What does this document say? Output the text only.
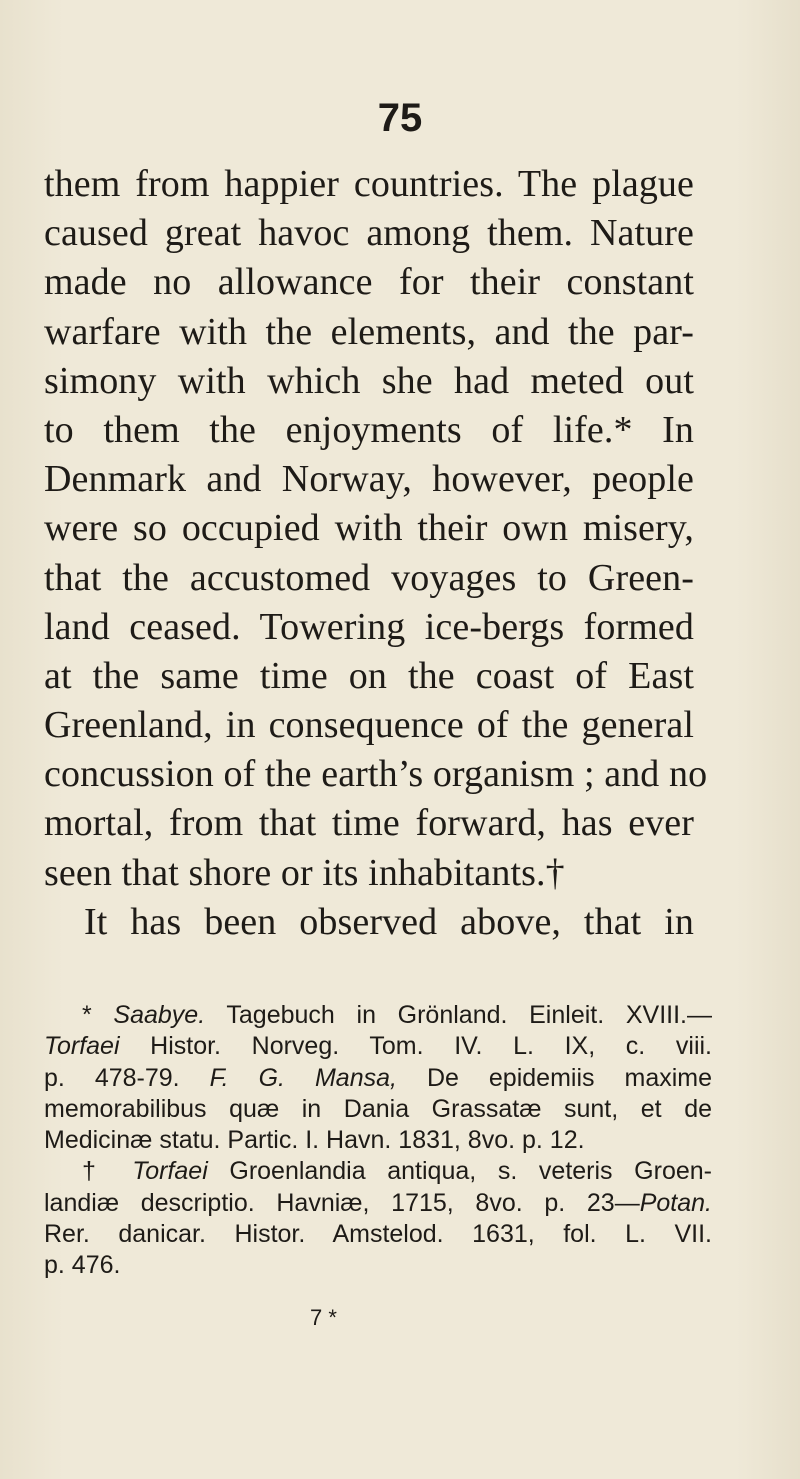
75
them from happier countries. The plague
caused great havoc among them. Nature
made no allowance for their constant
warfare with the elements, and the par-
simony with which she had meted out
to them the enjoyments of life.* In
Denmark and Norway, however, people
were so occupied with their own misery,
that the accustomed voyages to Green-
land ceased. Towering ice-bergs formed
at the same time on the coast of East
Greenland, in consequence of the general
concussion of the earth’s organism ; and no
mortal, from that time forward, has ever
seen that shore or its inhabitants.†
It has been observed above, that in
* Saabye. Tagebuch in Grönland. Einleit. XVIII.—
Torfaei Histor. Norveg. Tom. IV. L. IX, c. viii.
p. 478-79. F. G. Mansa, De epidemiis maxime
memorabilibus quæ in Dania Grassatæ sunt, et de
Medicinæ statu. Partic. I. Havn. 1831, 8vo. p. 12.
† Torfaei Groenlandia antiqua, s. veteris Groen-
landiæ descriptio. Havniæ, 1715, 8vo. p. 23—Potan.
Rer. danicar. Histor. Amstelod. 1631, fol. L. VII.
p. 476.
7 *
